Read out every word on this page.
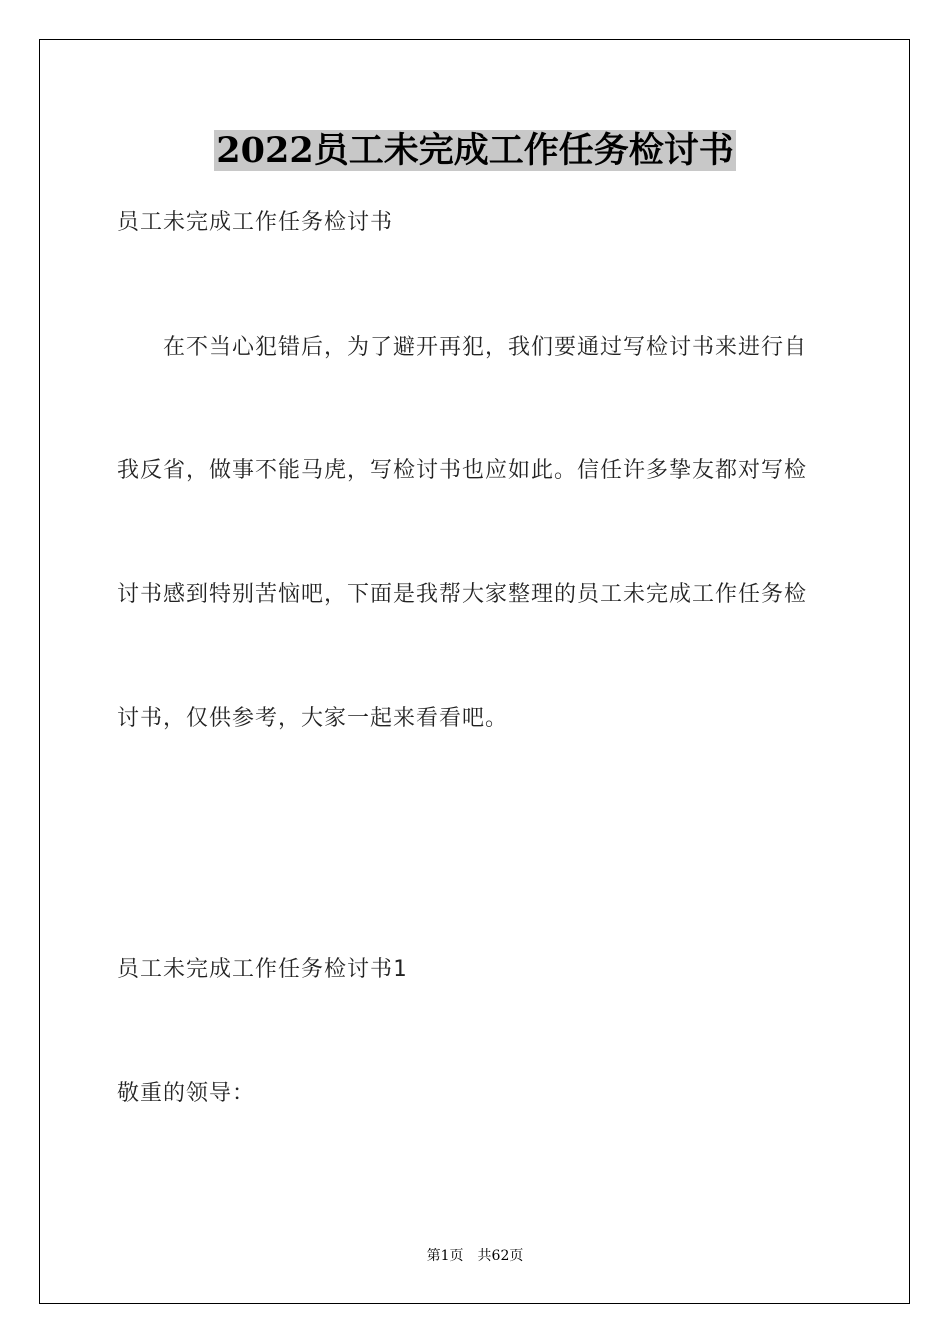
2022员工未完成工作任务检讨书
员工未完成工作任务检讨书
在不当心犯错后，为了避开再犯，我们要通过写检讨书来进行自
我反省，做事不能马虎，写检讨书也应如此。信任许多挚友都对写检
讨书感到特别苦恼吧，下面是我帮大家整理的员工未完成工作任务检
讨书，仅供参考，大家一起来看看吧。
员工未完成工作任务检讨书1
敬重的领导：
第1页 共62页
